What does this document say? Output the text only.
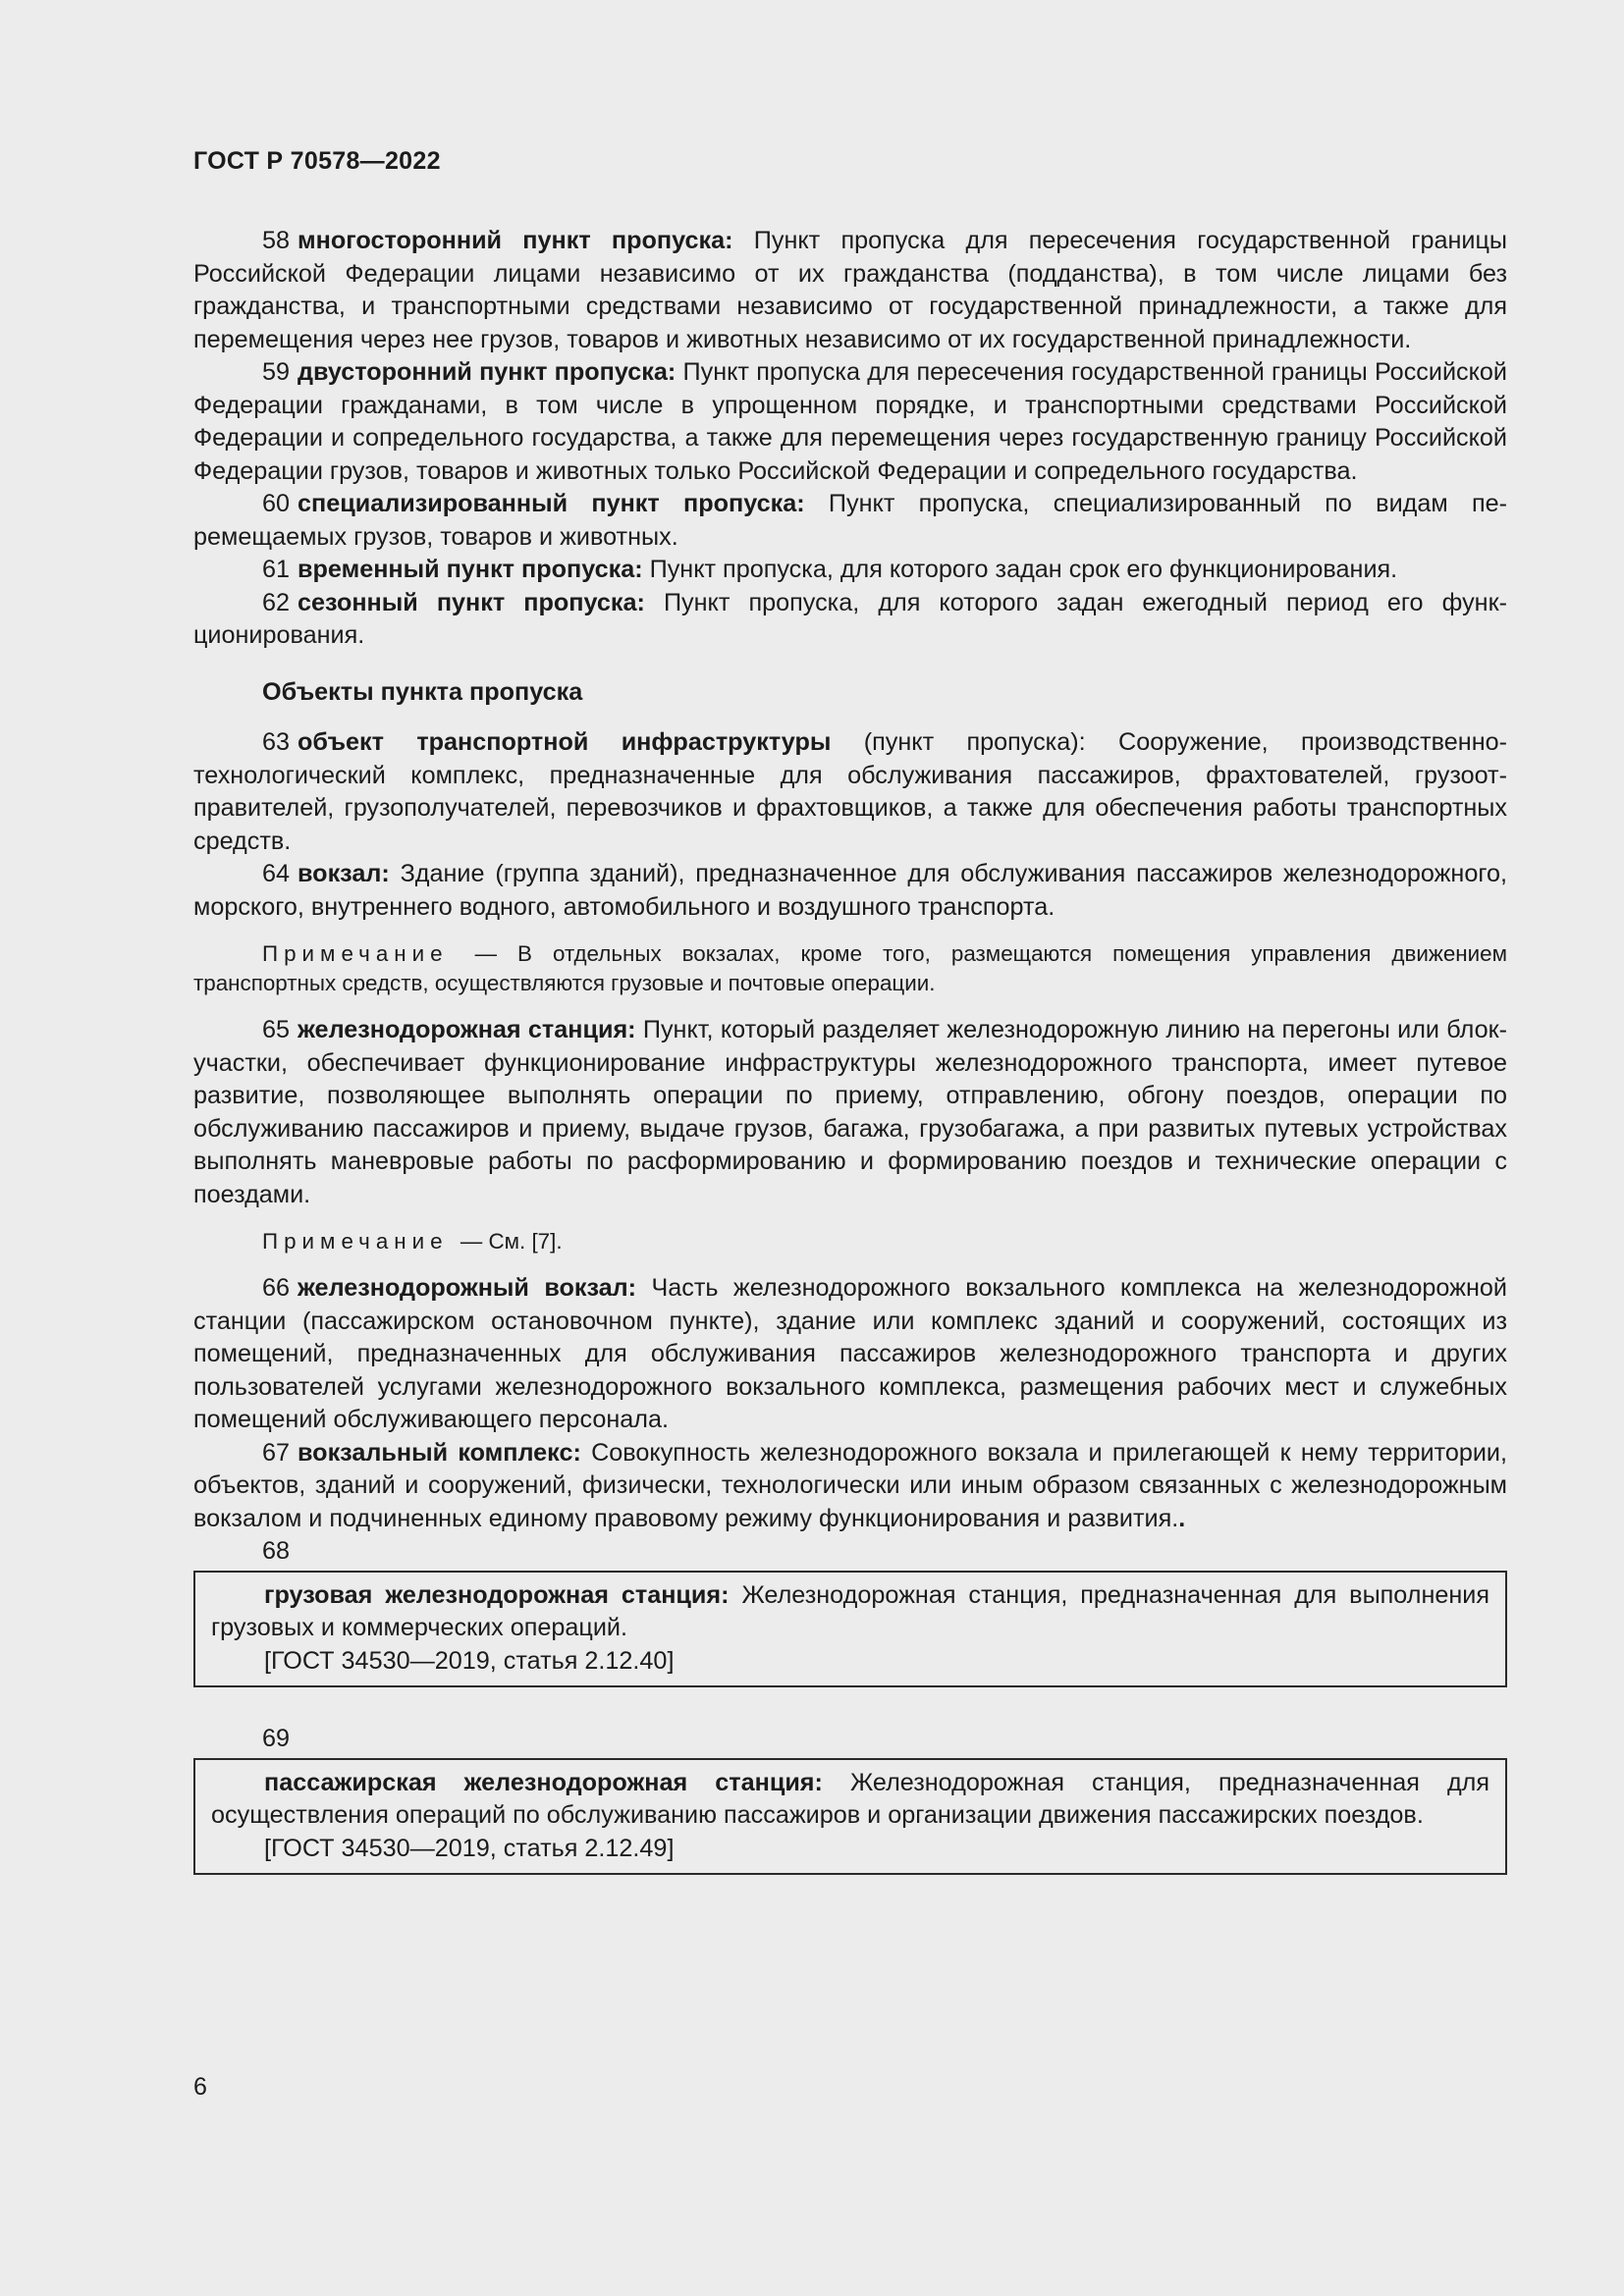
ГОСТ Р 70578—2022

58 многосторонний пункт пропуска: Пункт пропуска для пересечения государственной границы Российской Федерации лицами независимо от их гражданства (подданства), в том числе лицами без гражданства, и транспортными средствами независимо от государственной принадлежности, а также для перемещения через нее грузов, товаров и животных независимо от их государственной принадлежности.

59 двусторонний пункт пропуска: Пункт пропуска для пересечения государственной границы Российской Федерации гражданами, в том числе в упрощенном порядке, и транспортными средствами Российской Федерации и сопредельного государства, а также для перемещения через государственную границу Российской Федерации грузов, товаров и животных только Российской Федерации и сопредельного государства.

60 специализированный пункт пропуска: Пункт пропуска, специализированный по видам перемещаемых грузов, товаров и животных.

61 временный пункт пропуска: Пункт пропуска, для которого задан срок его функционирования.

62 сезонный пункт пропуска: Пункт пропуска, для которого задан ежегодный период его функционирования.

Объекты пункта пропуска

63 объект транспортной инфраструктуры (пункт пропуска): Сооружение, производственно-технологический комплекс, предназначенные для обслуживания пассажиров, фрахтователей, грузоотправителей, грузополучателей, перевозчиков и фрахтовщиков, а также для обеспечения работы транспортных средств.

64 вокзал: Здание (группа зданий), предназначенное для обслуживания пассажиров железнодорожного, морского, внутреннего водного, автомобильного и воздушного транспорта.

Примечание — В отдельных вокзалах, кроме того, размещаются помещения управления движением транспортных средств, осуществляются грузовые и почтовые операции.

65 железнодорожная станция: Пункт, который разделяет железнодорожную линию на перегоны или блок-участки, обеспечивает функционирование инфраструктуры железнодорожного транспорта, имеет путевое развитие, позволяющее выполнять операции по приему, отправлению, обгону поездов, операции по обслуживанию пассажиров и приему, выдаче грузов, багажа, грузобагажа, а при развитых путевых устройствах выполнять маневровые работы по расформированию и формированию поездов и технические операции с поездами.

Примечание — См. [7].

66 железнодорожный вокзал: Часть железнодорожного вокзального комплекса на железнодорожной станции (пассажирском остановочном пункте), здание или комплекс зданий и сооружений, состоящих из помещений, предназначенных для обслуживания пассажиров железнодорожного транспорта и других пользователей услугами железнодорожного вокзального комплекса, размещения рабочих мест и служебных помещений обслуживающего персонала.

67 вокзальный комплекс: Совокупность железнодорожного вокзала и прилегающей к нему территории, объектов, зданий и сооружений, физически, технологически или иным образом связанных с железнодорожным вокзалом и подчиненных единому правовому режиму функционирования и развития..

68

грузовая железнодорожная станция: Железнодорожная станция, предназначенная для выполнения грузовых и коммерческих операций.

[ГОСТ 34530—2019, статья 2.12.40]

69

пассажирская железнодорожная станция: Железнодорожная станция, предназначенная для осуществления операций по обслуживанию пассажиров и организации движения пассажирских поездов.

[ГОСТ 34530—2019, статья 2.12.49]

6
